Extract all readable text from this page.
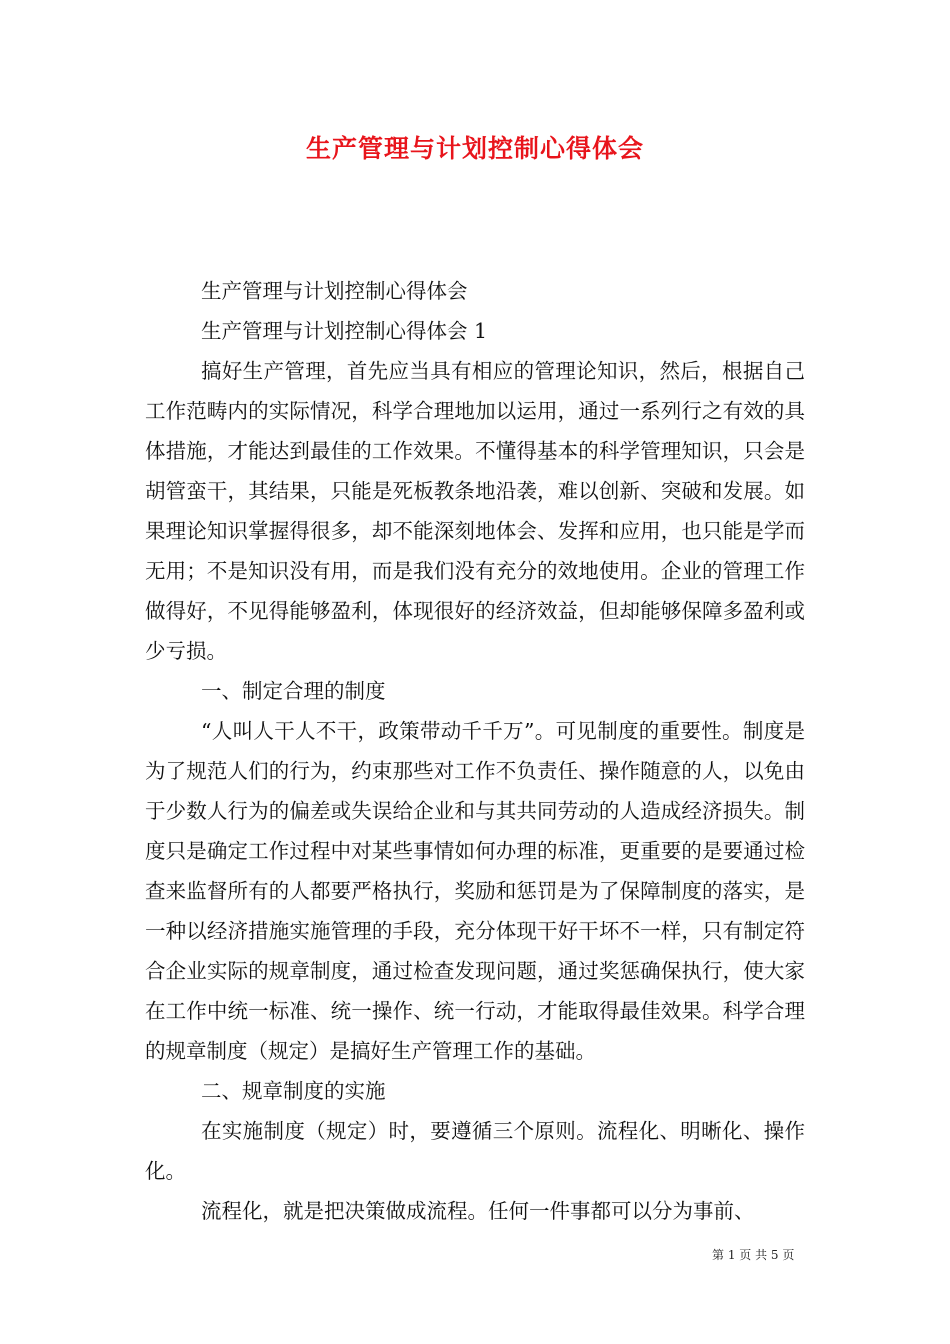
生产管理与计划控制心得体会

生产管理与计划控制心得体会

生产管理与计划控制心得体会 1

搞好生产管理，首先应当具有相应的管理论知识，然后，根据自己工作范畴内的实际情况，科学合理地加以运用，通过一系列行之有效的具体措施，才能达到最佳的工作效果。不懂得基本的科学管理知识，只会是胡管蛮干，其结果，只能是死板教条地沿袭，难以创新、突破和发展。如果理论知识掌握得很多，却不能深刻地体会、发挥和应用，也只能是学而无用；不是知识没有用，而是我们没有充分的效地使用。企业的管理工作做得好，不见得能够盈利，体现很好的经济效益，但却能够保障多盈利或少亏损。

一、制定合理的制度

“人叫人干人不干，政策带动千千万”。可见制度的重要性。制度是为了规范人们的行为，约束那些对工作不负责任、操作随意的人，以免由于少数人行为的偏差或失误给企业和与其共同劳动的人造成经济损失。制度只是确定工作过程中对某些事情如何办理的标准，更重要的是要通过检查来监督所有的人都要严格执行，奖励和惩罚是为了保障制度的落实，是一种以经济措施实施管理的手段，充分体现干好干坏不一样，只有制定符合企业实际的规章制度，通过检查发现问题，通过奖惩确保执行，使大家在工作中统一标准、统一操作、统一行动，才能取得最佳效果。科学合理的规章制度（规定）是搞好生产管理工作的基础。

二、规章制度的实施

在实施制度（规定）时，要遵循三个原则。流程化、明晰化、操作化。

流程化，就是把决策做成流程。任何一件事都可以分为事前、

第 1 页 共 5 页
